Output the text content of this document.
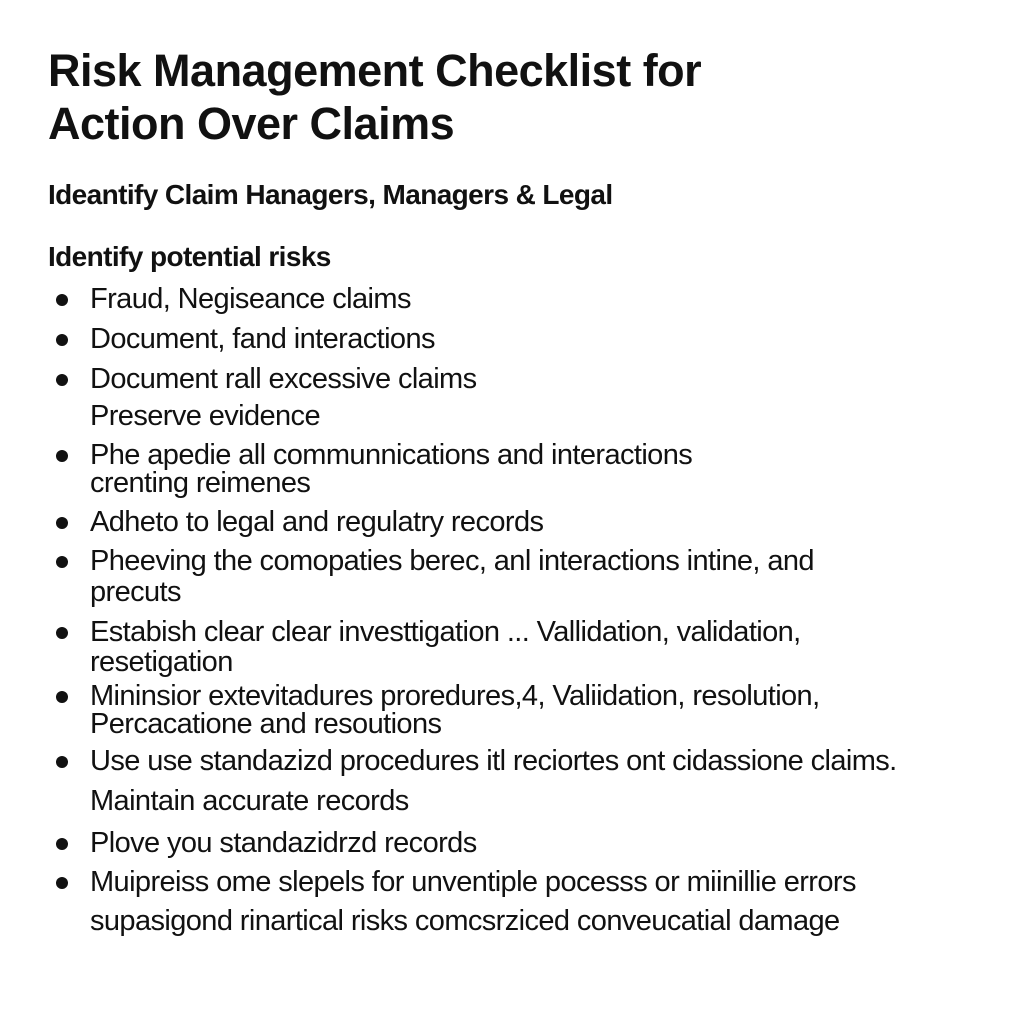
Risk Management Checklist for
Action Over Claims
Ideantify Claim Hanagers, Managers & Legal
Identify potential risks
Fraud, Negiseance claims
Document, fand interactions
Document rall excessive claims
Preserve evidence
Phe apedie all communnications and interactions
crenting reimenes
Adheto to legal and regulatry records
Pheeving the comopaties berec, anl interactions intine, and
precuts
Estabish clear clear investtigation ... Vallidation, validation,
resetigation
Mininsior extevitadures proredures,4, Valiidation, resolution,
Percacatione and resoutions
Use use standazizd procedures itl reciortes ont cidassione claims.
Maintain accurate records
Plove you standazidrzd records
Muipreiss ome slepels for unventiple pocesss or miinillie errors
supasigond rinartical risks comcsrziced conveucatial damage
